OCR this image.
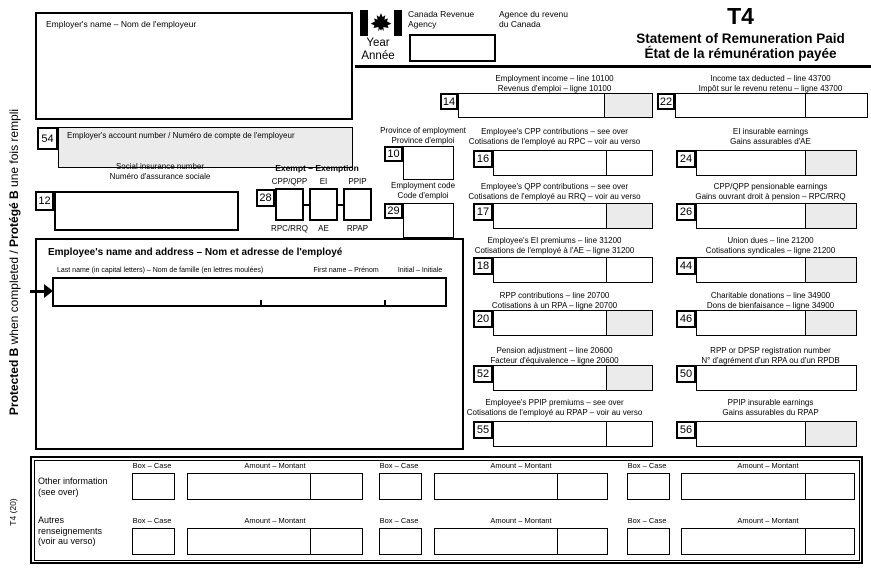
Protected B when completed / Protégé B une fois rempli
T4 (20)
Employer's name – Nom de l'employeur
Canada Revenue
Agency
Agence du revenu
du Canada
Year
Année
T4
Statement of Remuneration Paid
État de la rémunération payée
54	Employer's account number / Numéro de compte de l'employeur
Social insurance number
Numéro d'assurance sociale
12
Exempt – Exemption
CPP/QPP	EI	PPIP
28
RPC/RRQ	AE	RPAP
Province of employment
Province d'emploi
10
Employment code
Code d'emploi
29
Employee's name and address – Nom et adresse de l'employé
Last name (in capital letters) – Nom de famille (en lettres moulées)	First name – Prénom	Initial – Initiale
Employment income – line 10100
Revenus d'emploi – ligne 10100
14
Employee's CPP contributions – see over
Cotisations de l'employé au RPC – voir au verso
16
Employee's QPP contributions – see over
Cotisations de l'employé au RRQ – voir au verso
17
Employee's EI premiums – line 31200
Cotisations de l'employé à l'AE – ligne 31200
18
RPP contributions – line 20700
Cotisations à un RPA – ligne 20700
20
Pension adjustment – line 20600
Facteur d'équivalence – ligne 20600
52
Employee's PPIP premiums – see over
Cotisations de l'employé au RPAP – voir au verso
55
Income tax deducted – line 43700
Impôt sur le revenu retenu – ligne 43700
22
EI insurable earnings
Gains assurables d'AE
24
CPP/QPP pensionable earnings
Gains ouvrant droit à pension – RPC/RRQ
26
Union dues – line 21200
Cotisations syndicales – ligne 21200
44
Charitable donations – line 34900
Dons de bienfaisance – ligne 34900
46
RPP or DPSP registration number
N° d'agrément d'un RPA ou d'un RPDB
50
PPIP insurable earnings
Gains assurables du RPAP
56
Other information
(see over)
Autres
renseignements
(voir au verso)
Box – Case	Amount – Montant	Box – Case	Amount – Montant	Box – Case	Amount – Montant
Box – Case	Amount – Montant	Box – Case	Amount – Montant	Box – Case	Amount – Montant
